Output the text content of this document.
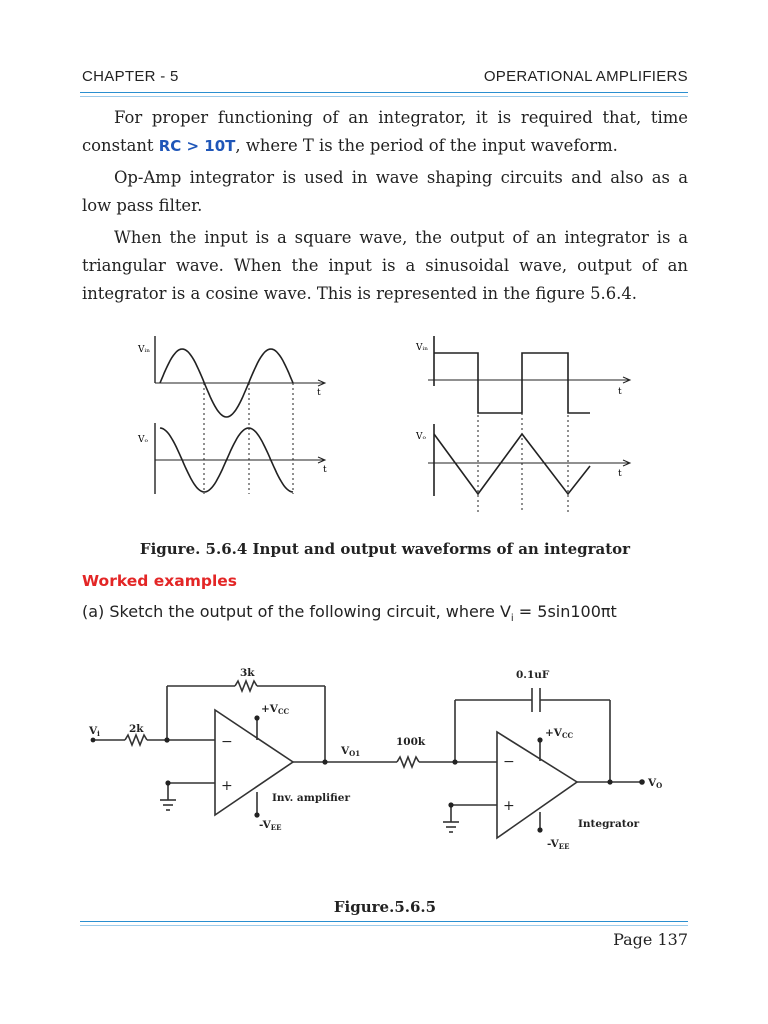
CHAPTER - 5	OPERATIONAL AMPLIFIERS

For proper functioning of an integrator, it is required that, time constant RC > 10T, where T is the period of the input waveform.

Op-Amp integrator is used in wave shaping circuits and also as a low pass filter.

When the input is a square wave, the output of an integrator is a triangular wave. When the input is a sinusoidal wave, output of an integrator is a cosine wave. This is represented in the figure 5.6.4.

Vᵢₙ
Vₒ
t
t
Vᵢₙ
Vₒ
t
t

Figure. 5.6.4 Input and output waveforms of an integrator

Worked examples

(a) Sketch the output of the following circuit, where $V_i = 5\sin 100\pi t$

−
+
−
+
Vi	2k
3k
+VCC
-VEE
VO1
Inv. amplifier
100k
0.1uF
+VCC
-VEE
Integrator
VO

Figure.5.6.5

Page 137
